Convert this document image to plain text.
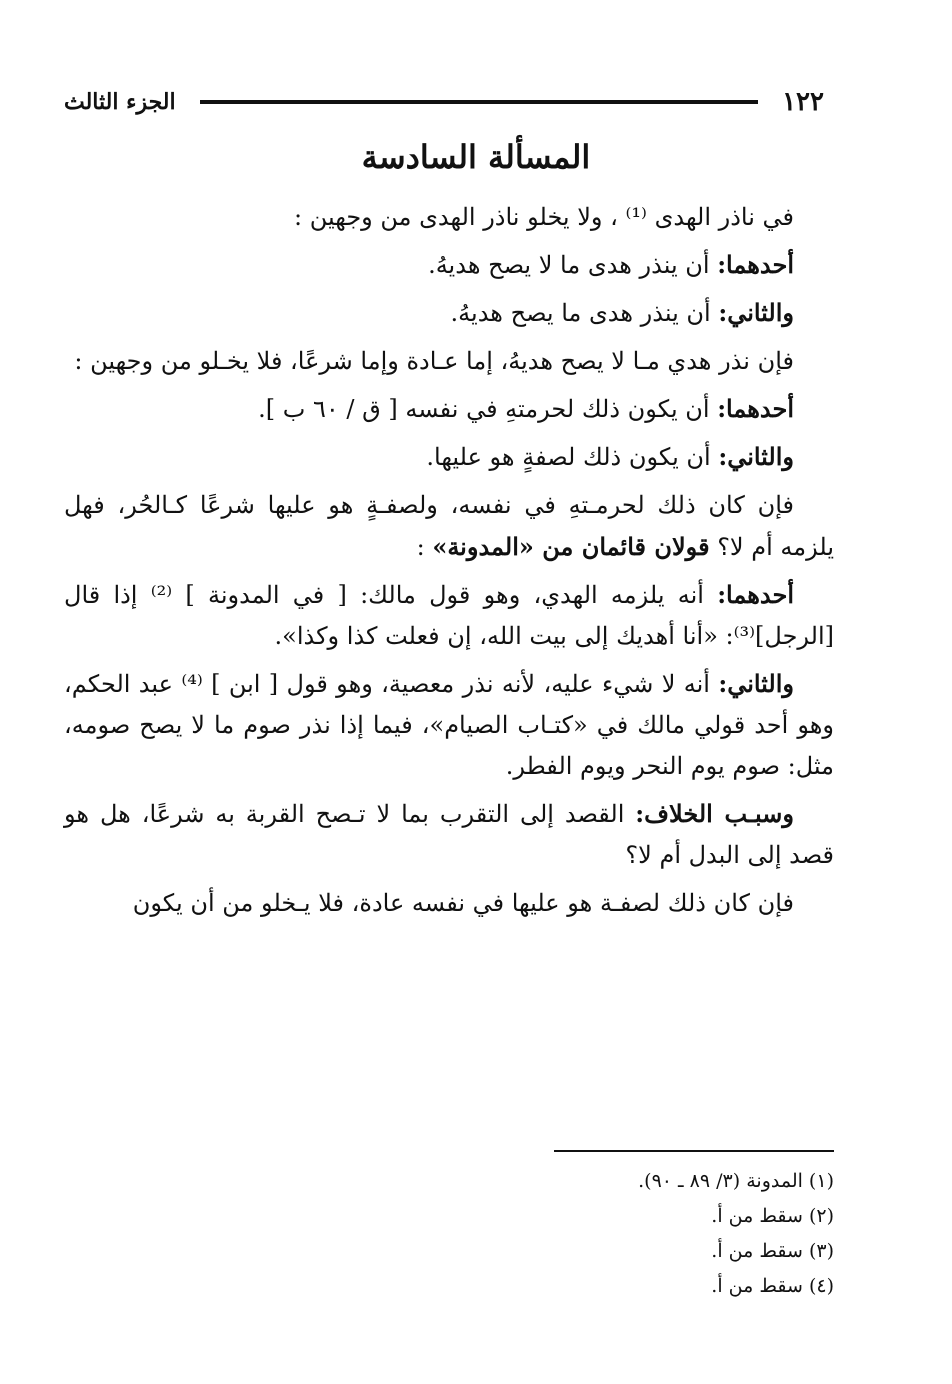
١٢٢
الجزء الثالث
المسألة السادسة

في ناذر الهدى ⁽¹⁾ ، ولا يخلو ناذر الهدى من وجهين :

أحدهما: أن ينذر هدى ما لا يصح هديهُ.

والثاني: أن ينذر هدى ما يصح هديهُ.

فإن نذر هدي مـا لا يصح هديهُ، إما عـادة وإما شرعًا، فلا يخـلو من وجهين :

أحدهما: أن يكون ذلك لحرمتهِ في نفسه [ ق / ٦٠ ب ].

والثاني: أن يكون ذلك لصفةٍ هو عليها.

فإن كان ذلك لحرمـتهِ في نفسه، ولصفـةٍ هو عليها شرعًا كـالحُر، فهل يلزمه أم لا؟ قولان قائمان من «المدونة» :

أحدهما: أنه يلزمه الهدي، وهو قول مالك: [ في المدونة ] ⁽²⁾ إذا قال [الرجل]⁽³⁾: «أنا أهديك إلى بيت الله، إن فعلت كذا وكذا».

والثاني: أنه لا شيء عليه، لأنه نذر معصية، وهو قول [ ابن ] ⁽⁴⁾ عبد الحكم، وهو أحد قولي مالك في «كتـاب الصيام»، فيما إذا نذر صوم ما لا يصح صومه، مثل: صوم يوم النحر ويوم الفطر.

وسبـب الخلاف: القصد إلى التقرب بما لا تـصح القربة به شرعًا، هل هو قصد إلى البدل أم لا؟

فإن كان ذلك لصفـة هو عليها في نفسه عادة، فلا يـخلو من أن يكون

(١) المدونة (٣/ ٨٩ ـ ٩٠).

(٢) سقط من أ.

(٣) سقط من أ.

(٤) سقط من أ.
